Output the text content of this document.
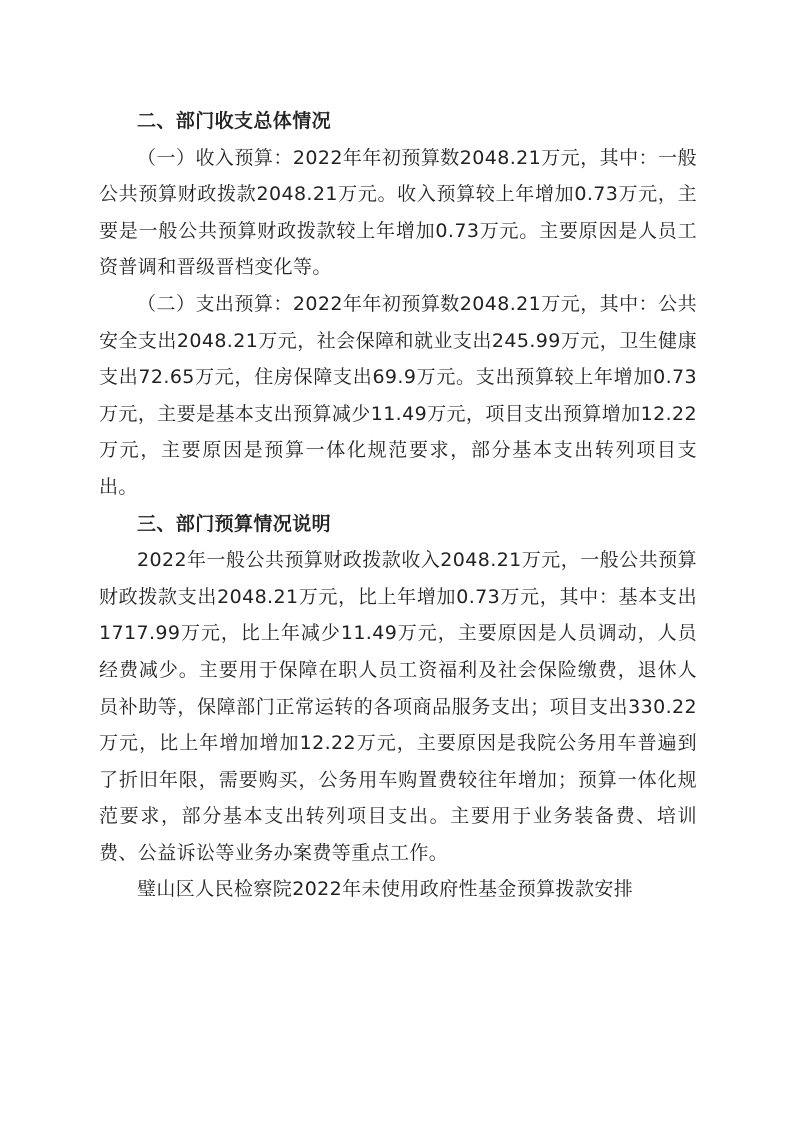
二、部门收支总体情况

（一）收入预算：2022年年初预算数2048.21万元，其中：一般公共预算财政拨款2048.21万元。收入预算较上年增加0.73万元，主要是一般公共预算财政拨款较上年增加0.73万元。主要原因是人员工资普调和晋级晋档变化等。

（二）支出预算：2022年年初预算数2048.21万元，其中：公共安全支出2048.21万元，社会保障和就业支出245.99万元，卫生健康支出72.65万元，住房保障支出69.9万元。支出预算较上年增加0.73万元，主要是基本支出预算减少11.49万元，项目支出预算增加12.22万元，主要原因是预算一体化规范要求，部分基本支出转列项目支出。

三、部门预算情况说明

2022年一般公共预算财政拨款收入2048.21万元，一般公共预算财政拨款支出2048.21万元，比上年增加0.73万元，其中：基本支出1717.99万元，比上年减少11.49万元，主要原因是人员调动，人员经费减少。主要用于保障在职人员工资福利及社会保险缴费，退休人员补助等，保障部门正常运转的各项商品服务支出；项目支出330.22万元，比上年增加增加12.22万元，主要原因是我院公务用车普遍到了折旧年限，需要购买，公务用车购置费较往年增加；预算一体化规范要求，部分基本支出转列项目支出。主要用于业务装备费、培训费、公益诉讼等业务办案费等重点工作。

璧山区人民检察院2022年未使用政府性基金预算拨款安排
